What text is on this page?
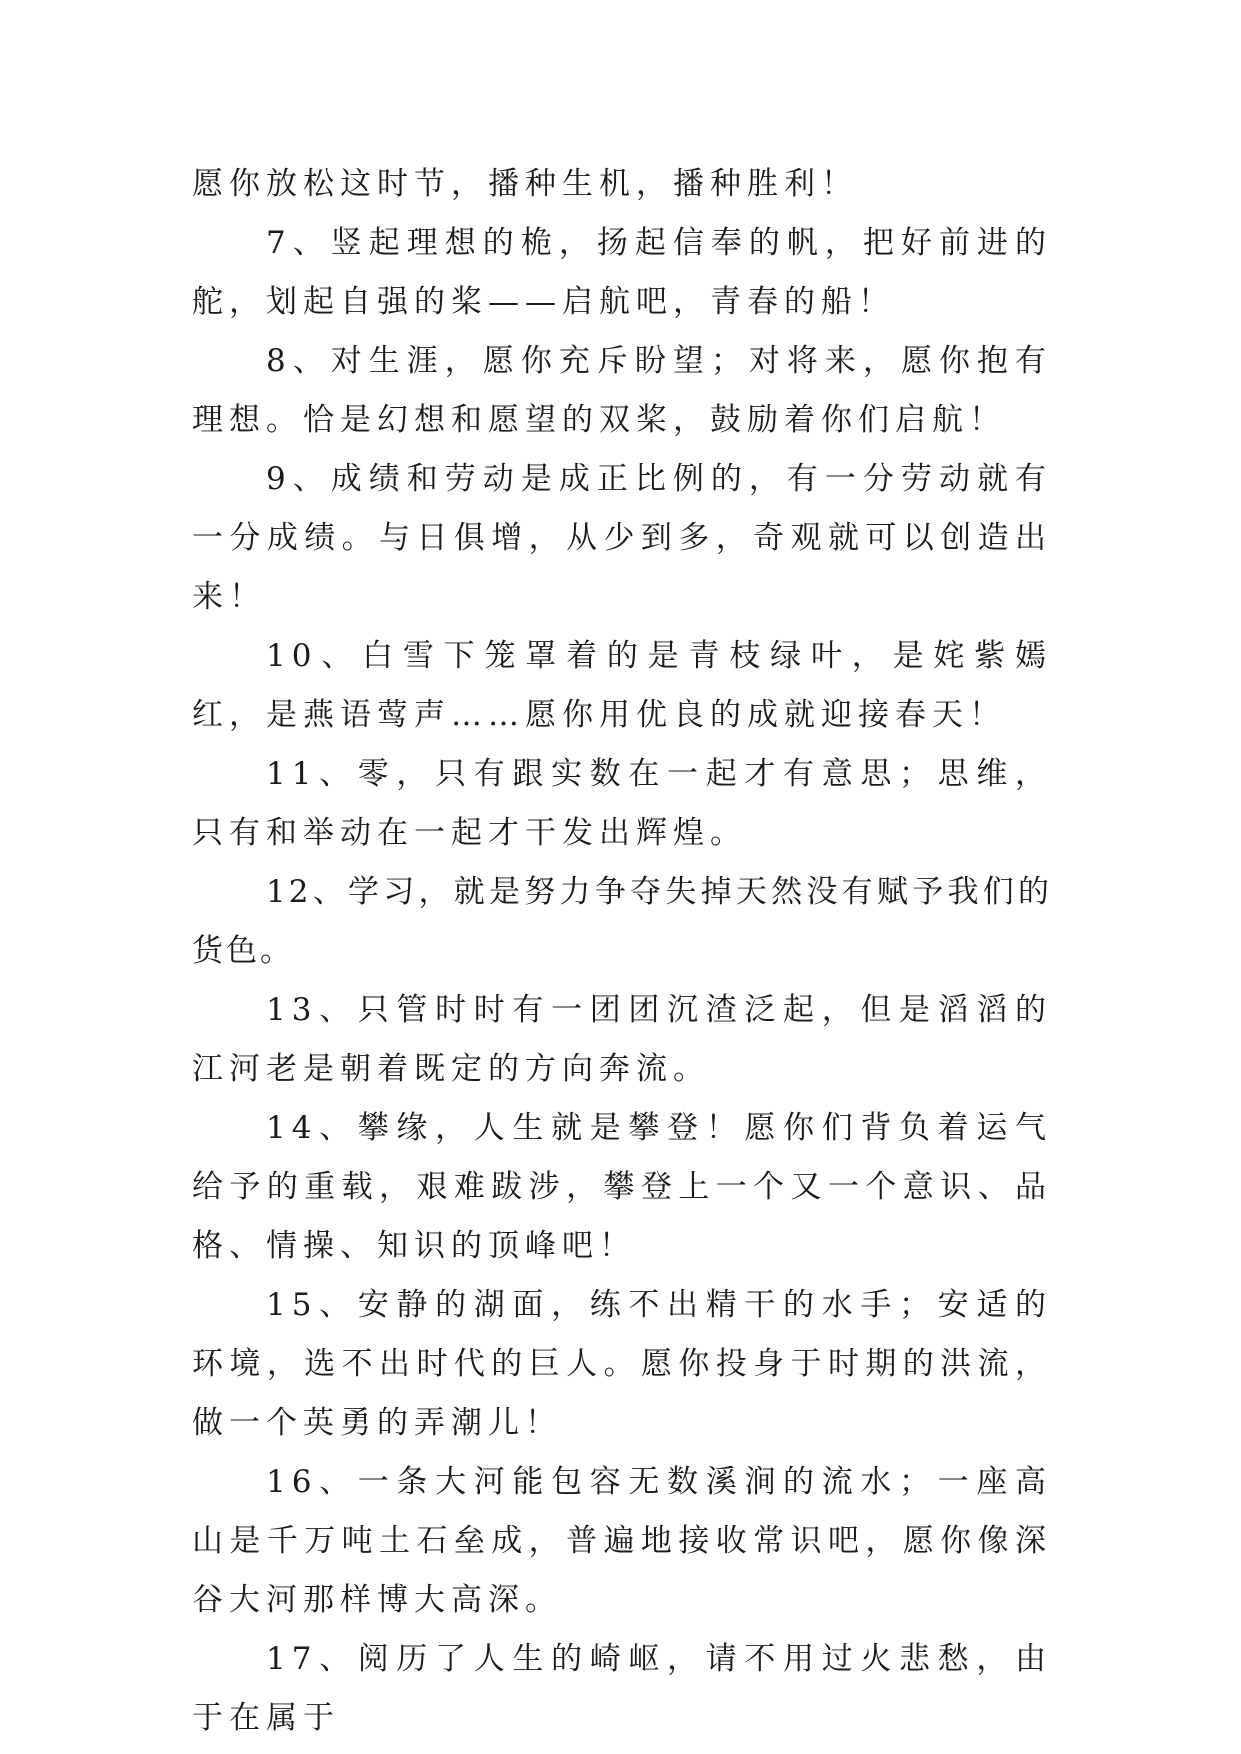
愿你放松这时节，播种生机，播种胜利！

7、竖起理想的桅，扬起信奉的帆，把好前进的舵，划起自强的桨——启航吧，青春的船！

8、对生涯，愿你充斥盼望；对将来，愿你抱有理想。恰是幻想和愿望的双桨，鼓励着你们启航！

9、成绩和劳动是成正比例的，有一分劳动就有一分成绩。与日俱增，从少到多，奇观就可以创造出来！

10、白雪下笼罩着的是青枝绿叶，是姹紫嫣红，是燕语莺声……愿你用优良的成就迎接春天！

11、零，只有跟实数在一起才有意思；思维，只有和举动在一起才干发出辉煌。

12、学习，就是努力争夺失掉天然没有赋予我们的货色。

13、只管时时有一团团沉渣泛起，但是滔滔的江河老是朝着既定的方向奔流。

14、攀缘，人生就是攀登！愿你们背负着运气给予的重载，艰难跋涉，攀登上一个又一个意识、品格、情操、知识的顶峰吧！

15、安静的湖面，练不出精干的水手；安适的环境，选不出时代的巨人。愿你投身于时期的洪流，做一个英勇的弄潮儿！

16、一条大河能包容无数溪涧的流水；一座高山是千万吨土石垒成，普遍地接收常识吧，愿你像深谷大河那样博大高深。

17、阅历了人生的崎岖，请不用过火悲愁，由于在属于
